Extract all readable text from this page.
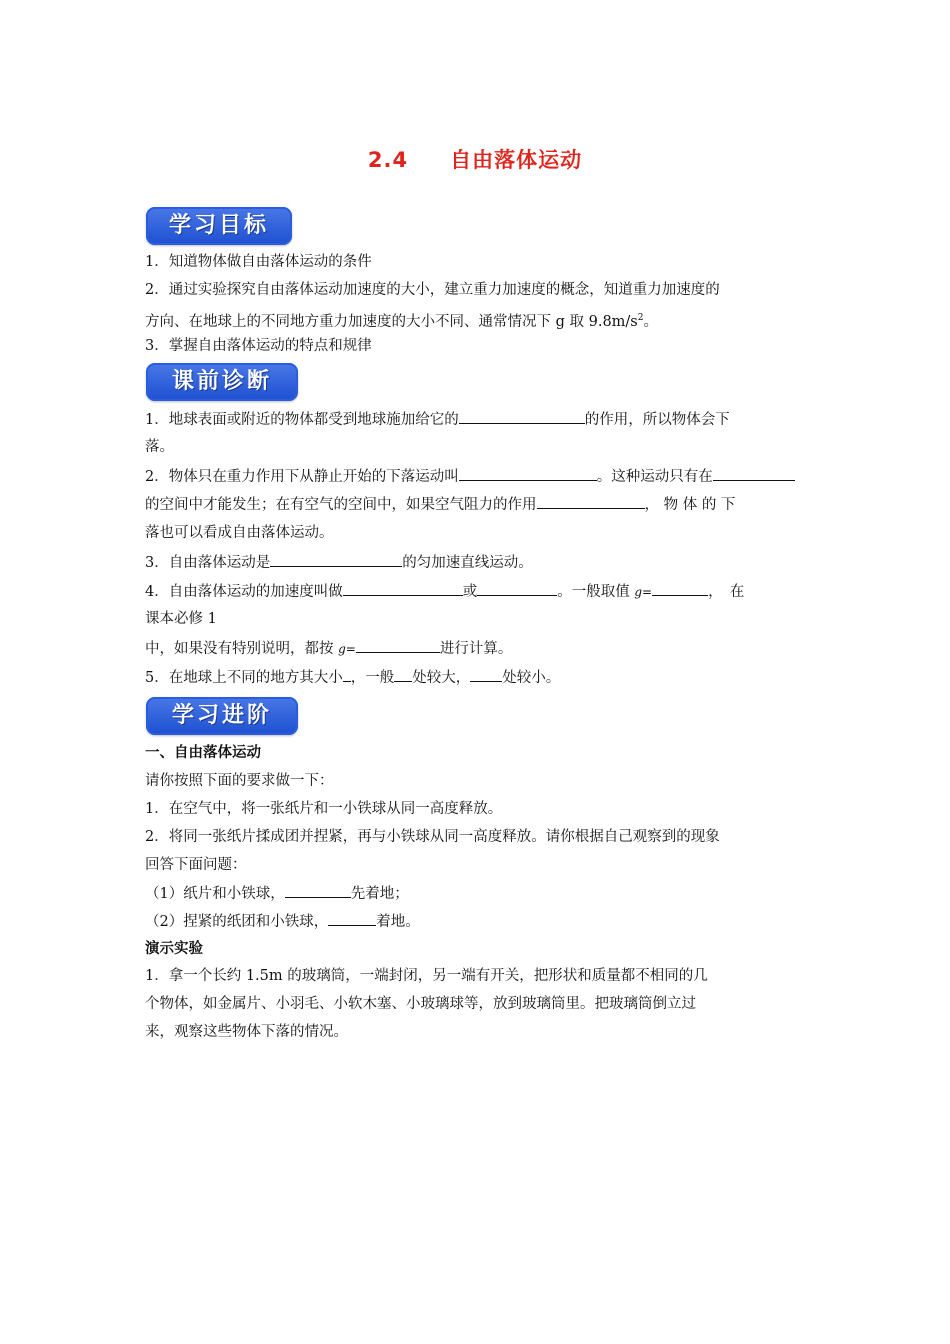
2.4 自由落体运动
学习目标
1．知道物体做自由落体运动的条件
2．通过实验探究自由落体运动加速度的大小，建立重力加速度的概念，知道重力加速度的
方向、在地球上的不同地方重力加速度的大小不同、通常情况下 g 取 $9.8m/s^2$。
3．掌握自由落体运动的特点和规律
课前诊断
1．地球表面或附近的物体都受到地球施加给它的	的作用，所以物体会下
落。
2．物体只在重力作用下从静止开始的下落运动叫	。这种运动只有在
的空间中才能发生；在有空气的空间中，如果空气阻力的作用	， 物 体 的 下
落也可以看成自由落体运动。
3．自由落体运动是	的匀加速直线运动。
4．自由落体运动的加速度叫做	或	。一般取值 g=	，　在
课本必修 1
中，如果没有特别说明，都按 g=	进行计算。
5．在地球上不同的地方其大小 ，一般 处较大， 处较小。
学习进阶
一、自由落体运动
请你按照下面的要求做一下：
1．在空气中，将一张纸片和一小铁球从同一高度释放。
2．将同一张纸片揉成团并捏紧，再与小铁球从同一高度释放。请你根据自己观察到的现象
回答下面问题：
（1）纸片和小铁球，	先着地；
（2）捏紧的纸团和小铁球，	着地。
演示实验
1．拿一个长约 1.5m 的玻璃筒，一端封闭，另一端有开关，把形状和质量都不相同的几
个物体，如金属片、小羽毛、小软木塞、小玻璃球等，放到玻璃筒里。把玻璃筒倒立过
来，观察这些物体下落的情况。
